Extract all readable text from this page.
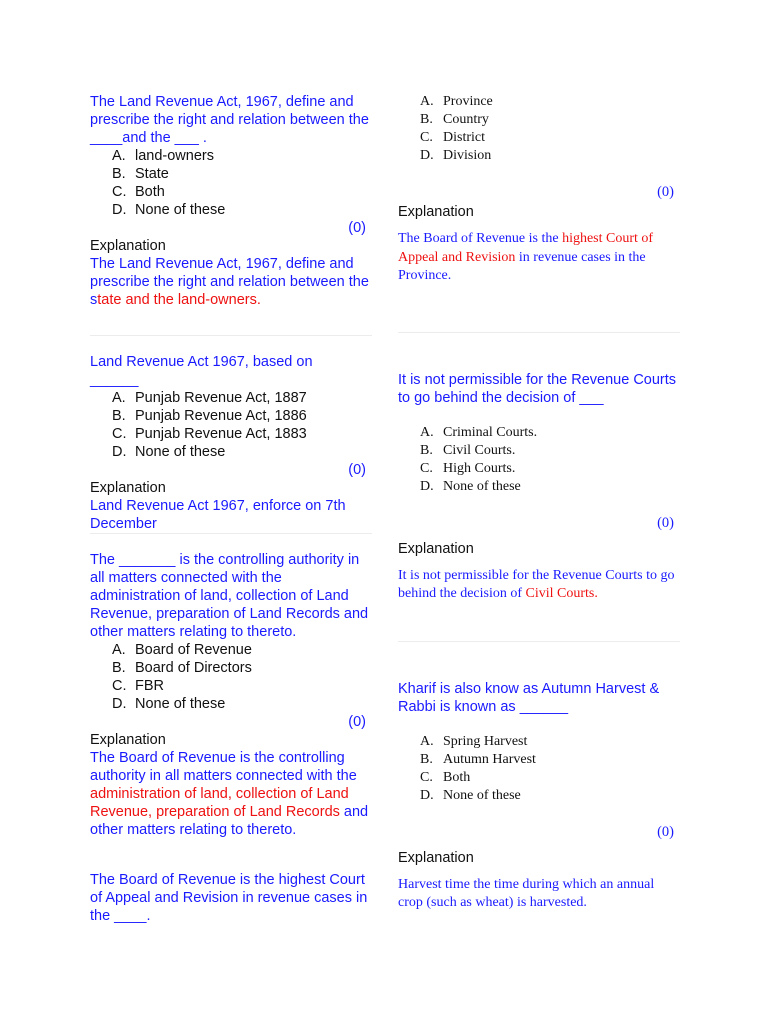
The Land Revenue Act, 1967, define and prescribe the right and relation between the ____and the ___ .

A. land-owners
B. State
C. Both
D. None of these
(0)

Explanation

The Land Revenue Act, 1967, define and prescribe the right and relation between the state and the land-owners.

Land Revenue Act 1967, based on ______

A. Punjab Revenue Act, 1887
B. Punjab Revenue Act, 1886
C. Punjab Revenue Act, 1883
D. None of these
(0)

Explanation

Land Revenue Act 1967, enforce on 7th December

The _______ is the controlling authority in all matters connected with the administration of land, collection of Land Revenue, preparation of Land Records and other matters relating to thereto.

A. Board of Revenue
B. Board of Directors
C. FBR
D. None of these
(0)

Explanation

The Board of Revenue is the controlling authority in all matters connected with the administration of land, collection of Land Revenue, preparation of Land Records and other matters relating to thereto.

The Board of Revenue is the highest Court of Appeal and Revision in revenue cases in the ____.

A. Province
B. Country
C. District
D. Division
(0)

Explanation

The Board of Revenue is the highest Court of Appeal and Revision in revenue cases in the Province.

It is not permissible for the Revenue Courts to go behind the decision of ___

A. Criminal Courts.
B. Civil Courts.
C. High Courts.
D. None of these
(0)

Explanation

It is not permissible for the Revenue Courts to go behind the decision of Civil Courts.

Kharif is also know as Autumn Harvest & Rabbi is known as ______

A. Spring Harvest
B. Autumn Harvest
C. Both
D. None of these
(0)

Explanation

Harvest time the time during which an annual crop (such as wheat) is harvested.
